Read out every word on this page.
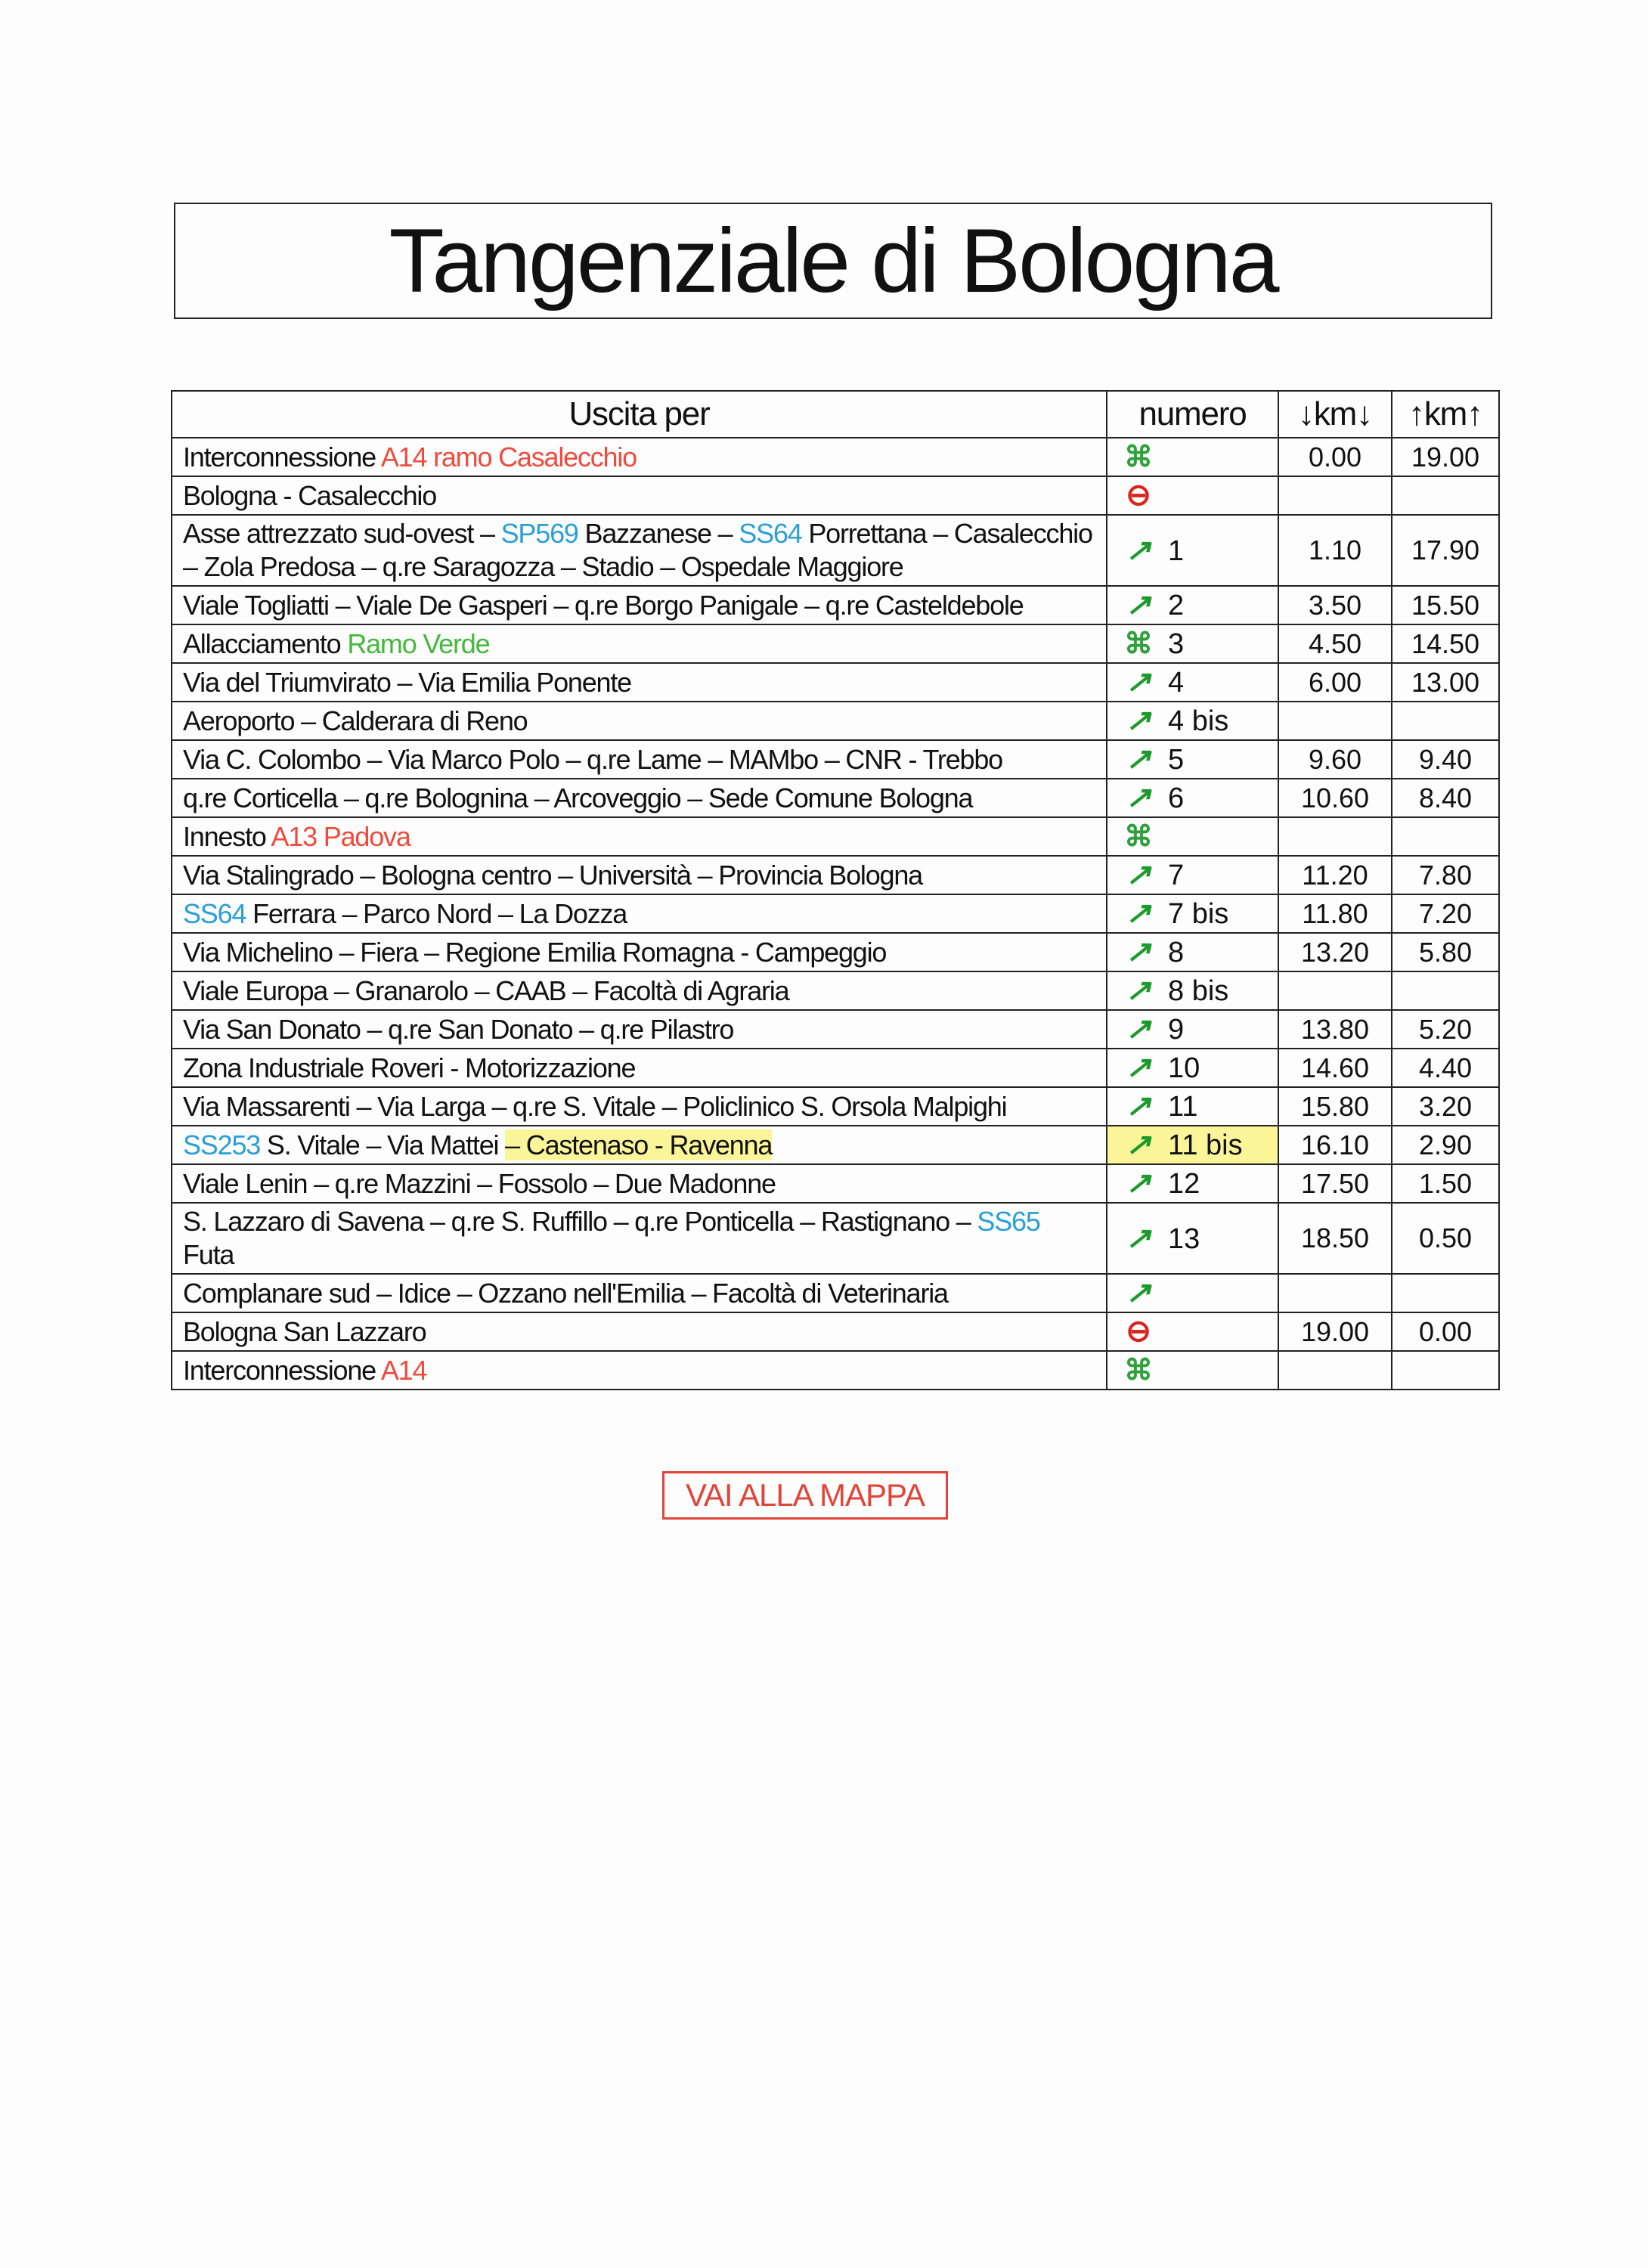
Tangenziale di Bologna
Uscita per	numero	↓km↓	↑km↑
Interconnessione A14 ramo Casalecchio	⌘	0.00	19.00
Bologna - Casalecchio	⊖		
Asse attrezzato sud-ovest – SP569 Bazzanese – SS64 Porrettana – Casalecchio – Zola Predosa – q.re Saragozza – Stadio – Ospedale Maggiore	↗ 1	1.10	17.90
Viale Togliatti – Viale De Gasperi – q.re Borgo Panigale – q.re Casteldebole	↗ 2	3.50	15.50
Allacciamento Ramo Verde	⌘ 3	4.50	14.50
Via del Triumvirato – Via Emilia Ponente	↗ 4	6.00	13.00
Aeroporto – Calderara di Reno	↗ 4 bis		
Via C. Colombo – Via Marco Polo – q.re Lame – MAMbo – CNR - Trebbo	↗ 5	9.60	9.40
q.re Corticella – q.re Bolognina – Arcoveggio – Sede Comune Bologna	↗ 6	10.60	8.40
Innesto A13 Padova	⌘		
Via Stalingrado – Bologna centro – Università – Provincia Bologna	↗ 7	11.20	7.80
SS64 Ferrara – Parco Nord – La Dozza	↗ 7 bis	11.80	7.20
Via Michelino – Fiera – Regione Emilia Romagna - Campeggio	↗ 8	13.20	5.80
Viale Europa – Granarolo – CAAB – Facoltà di Agraria	↗ 8 bis		
Via San Donato – q.re San Donato – q.re Pilastro	↗ 9	13.80	5.20
Zona Industriale Roveri - Motorizzazione	↗ 10	14.60	4.40
Via Massarenti – Via Larga – q.re S. Vitale – Policlinico S. Orsola Malpighi	↗ 11	15.80	3.20
SS253 S. Vitale – Via Mattei – Castenaso - Ravenna	↗ 11 bis	16.10	2.90
Viale Lenin – q.re Mazzini – Fossolo – Due Madonne	↗ 12	17.50	1.50
S. Lazzaro di Savena – q.re S. Ruffillo – q.re Ponticella – Rastignano – SS65 Futa	↗ 13	18.50	0.50
Complanare sud – Idice – Ozzano nell'Emilia – Facoltà di Veterinaria	↗		
Bologna San Lazzaro	⊖	19.00	0.00
Interconnessione A14	⌘		
VAI ALLA MAPPA
